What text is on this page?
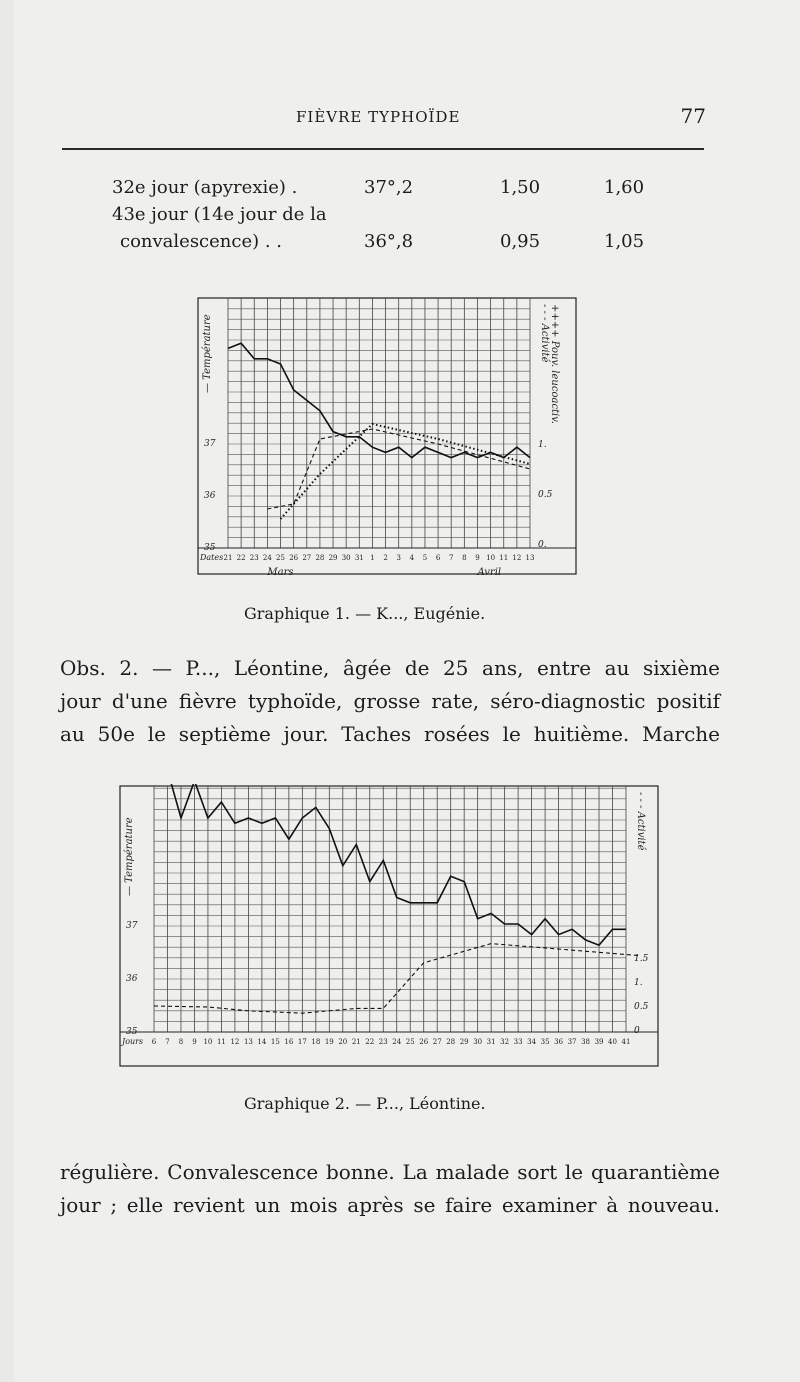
FIÈVRE TYPHOÏDE	77
32e jour (apyrexie) .	37°,2	1,50	1,60
43e jour (14e jour de la
convalescence) . .	36°,8	0,95	1,05
37
36
35
1.
0.5
0.
— Température	- - - Activité ++++ Pouv. leucoactiv.
Dates 21 22 23 24 25 26 27 28 29 30 31 1 2 3 4 5 6 7 8 9 10 11 12 13
Mars	Avril
Graphique 1. — K..., Eugénie.
Obs. 2. — P..., Léontine, âgée de 25 ans, entre au sixième
jour d'une fièvre typhoïde, grosse rate, séro-diagnostic positif
au 50e le septième jour. Taches rosées le huitième. Marche
37
36
35
1.5
1.
0.5
0
— Température	- - - Activité
Jours 6 7 8 9 10 11 12 13 14 15 16 17 18 19 20 21 22 23 24 25 26 27 28 29 30 31 32 33 34 35 36 37 38 39 40 41
Graphique 2. — P..., Léontine.
régulière. Convalescence bonne. La malade sort le quarantième
jour ; elle revient un mois après se faire examiner à nouveau.
